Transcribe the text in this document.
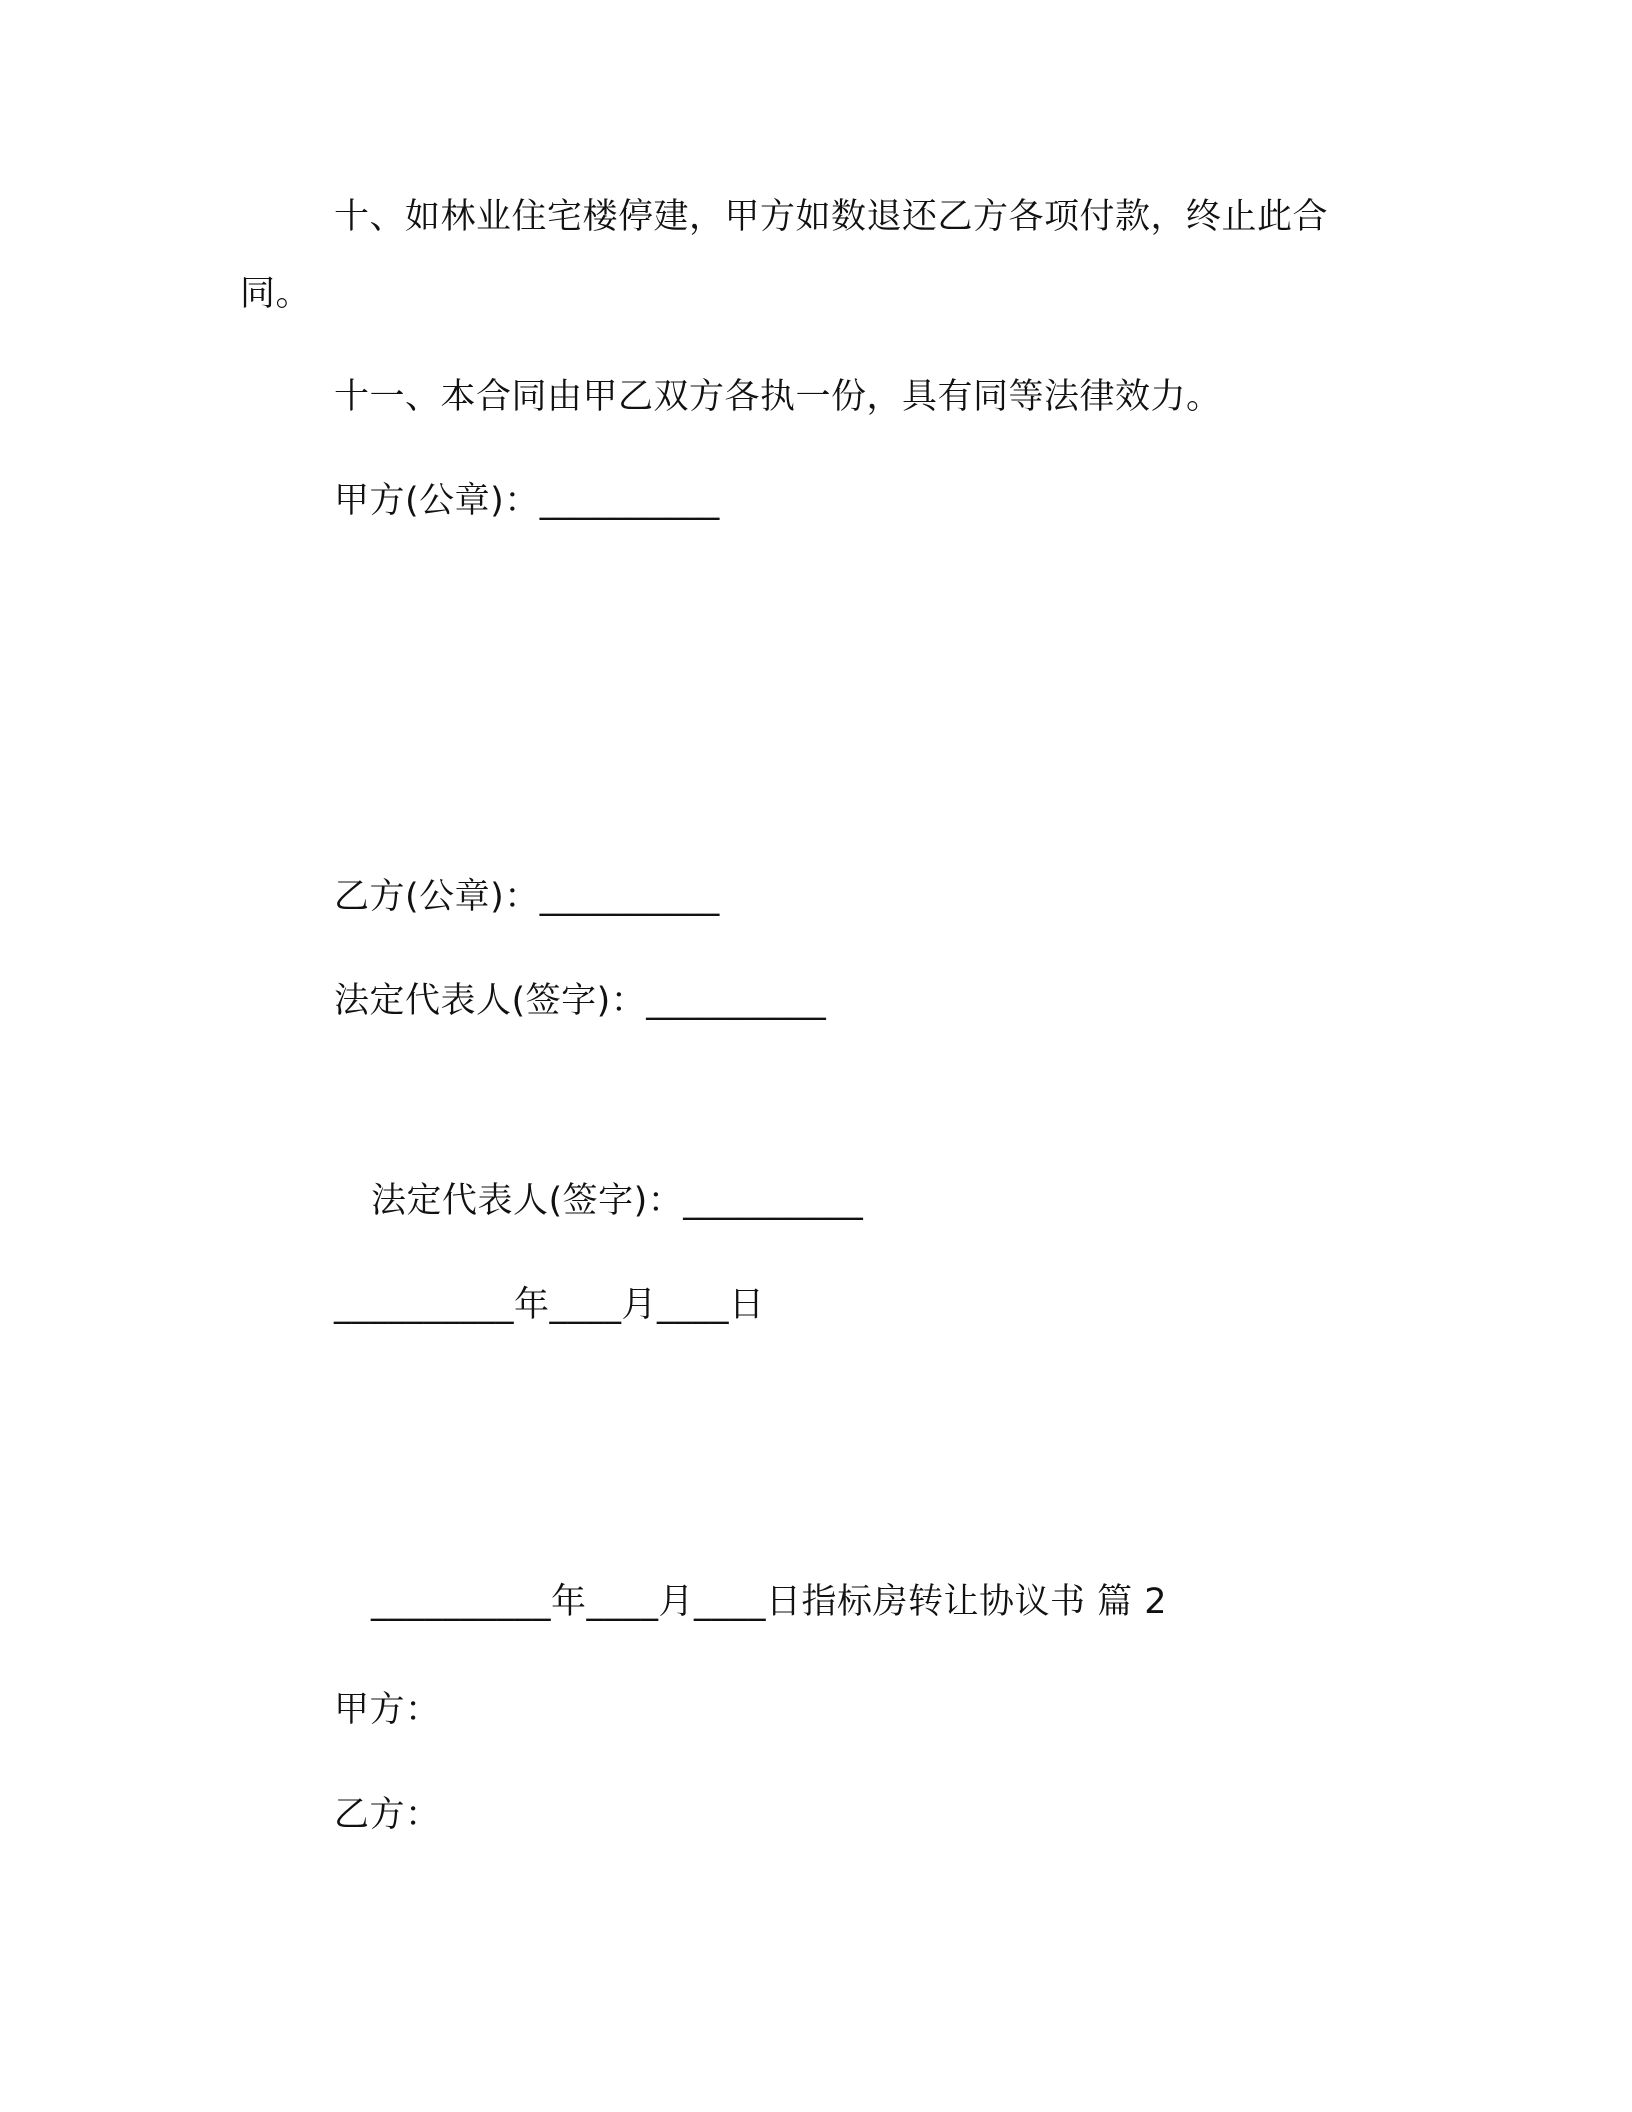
十、如林业住宅楼停建，甲方如数退还乙方各项付款，终止此合
同。
十一、本合同由甲乙双方各执一份，具有同等法律效力。
甲方(公章)：__________
乙方(公章)：__________
法定代表人(签字)：__________
法定代表人(签字)：__________
__________年____月____日
__________年____月____日指标房转让协议书 篇 2
甲方：
乙方：
